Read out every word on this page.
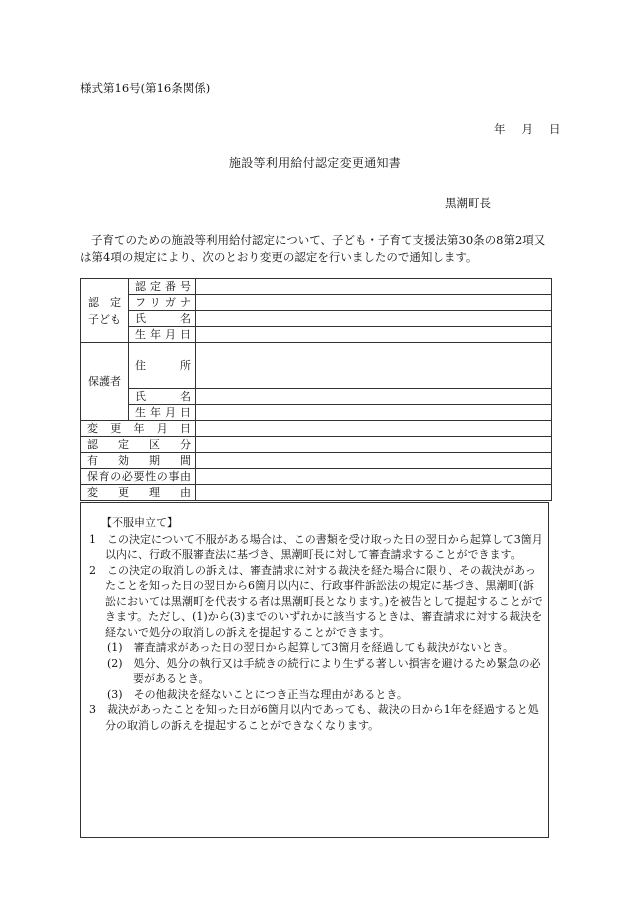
様式第16号(第16条関係)
年 月 日
施設等利用給付認定変更通知書
黒潮町長
子育てのための施設等利用給付認定について、子ども・子育て支援法第30条の8第2項又
は第4項の規定により、次のとおり変更の認定を行いましたので通知します。
認　定
子ども	認定番号	
	フリガナ	
	氏　名	
	生年月日	
保護者	住　所	
	氏　名	
	生年月日	
変更年月日		
認定区分		
有効期間		
保育の必要性の事由		
変更理由		
【不服申立て】
1　この決定について不服がある場合は、この書類を受け取った日の翌日から起算して3箇月以内に、行政不服審査法に基づき、黒潮町長に対して審査請求することができます。
2　この決定の取消しの訴えは、審査請求に対する裁決を経た場合に限り、その裁決があったことを知った日の翌日から6箇月以内に、行政事件訴訟法の規定に基づき、黒潮町(訴訟においては黒潮町を代表する者は黒潮町長となります。)を被告として提起することができます。ただし、(1)から(3)までのいずれかに該当するときは、審査請求に対する裁決を経ないで処分の取消しの訴えを提起することができます。
(1)　審査請求があった日の翌日から起算して3箇月を経過しても裁決がないとき。
(2)　処分、処分の執行又は手続きの続行により生ずる著しい損害を避けるため緊急の必要があるとき。
(3)　その他裁決を経ないことにつき正当な理由があるとき。
3　裁決があったことを知った日が6箇月以内であっても、裁決の日から1年を経過すると処分の取消しの訴えを提起することができなくなります。
